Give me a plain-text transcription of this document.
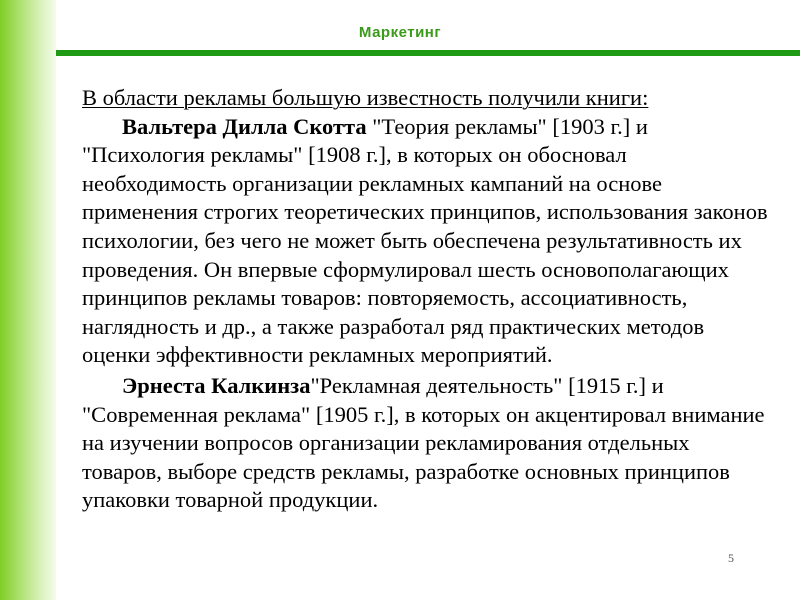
Маркетинг

В области рекламы большую известность получили книги:

Вальтера Дилла Скотта "Теория рекламы" [1903 г.] и "Психология рекламы" [1908 г.], в которых он обосновал необходимость организации рекламных кампаний на основе применения строгих теоретических принципов, использования законов психологии, без чего не может быть обеспечена результативность их проведения. Он впервые сформулировал шесть основополагающих принципов рекламы товаров: повторяемость, ассоциативность, наглядность и др., а также разработал ряд практических методов оценки эффективности рекламных мероприятий.

Эрнеста Калкинза"Рекламная деятельность" [1915 г.] и "Современная реклама" [1905 г.], в которых он акцентировал внимание на изучении вопросов организации рекламирования отдельных товаров, выборе средств рекламы, разработке основных принципов упаковки товарной продукции.

5
